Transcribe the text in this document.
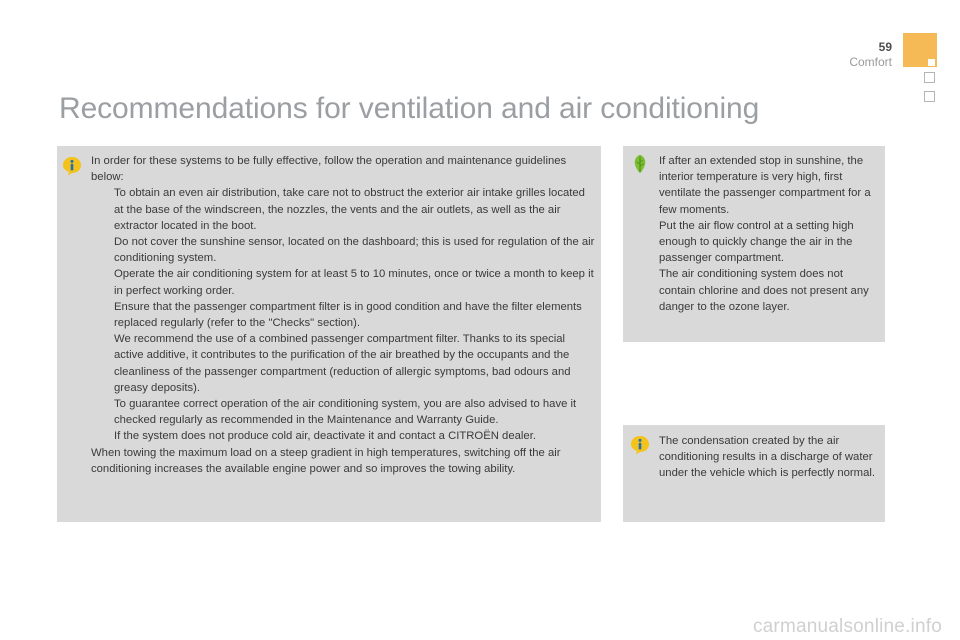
59
Comfort
Recommendations for ventilation and air conditioning

In order for these systems to be fully effective, follow the operation and maintenance guidelines below:

To obtain an even air distribution, take care not to obstruct the exterior air intake grilles located at the base of the windscreen, the nozzles, the vents and the air outlets, as well as the air extractor located in the boot.
Do not cover the sunshine sensor, located on the dashboard; this is used for regulation of the air conditioning system.
Operate the air conditioning system for at least 5 to 10 minutes, once or twice a month to keep it in perfect working order.
Ensure that the passenger compartment filter is in good condition and have the filter elements replaced regularly (refer to the "Checks" section).
We recommend the use of a combined passenger compartment filter. Thanks to its special active additive, it contributes to the purification of the air breathed by the occupants and the cleanliness of the passenger compartment (reduction of allergic symptoms, bad odours and greasy deposits).
To guarantee correct operation of the air conditioning system, you are also advised to have it checked regularly as recommended in the Maintenance and Warranty Guide.
If the system does not produce cold air, deactivate it and contact a CITROËN dealer.

When towing the maximum load on a steep gradient in high temperatures, switching off the air conditioning increases the available engine power and so improves the towing ability.

If after an extended stop in sunshine, the interior temperature is very high, first ventilate the passenger compartment for a few moments.

Put the air flow control at a setting high enough to quickly change the air in the passenger compartment.

The air conditioning system does not contain chlorine and does not present any danger to the ozone layer.

The condensation created by the air conditioning results in a discharge of water under the vehicle which is perfectly normal.

carmanualsonline.info
